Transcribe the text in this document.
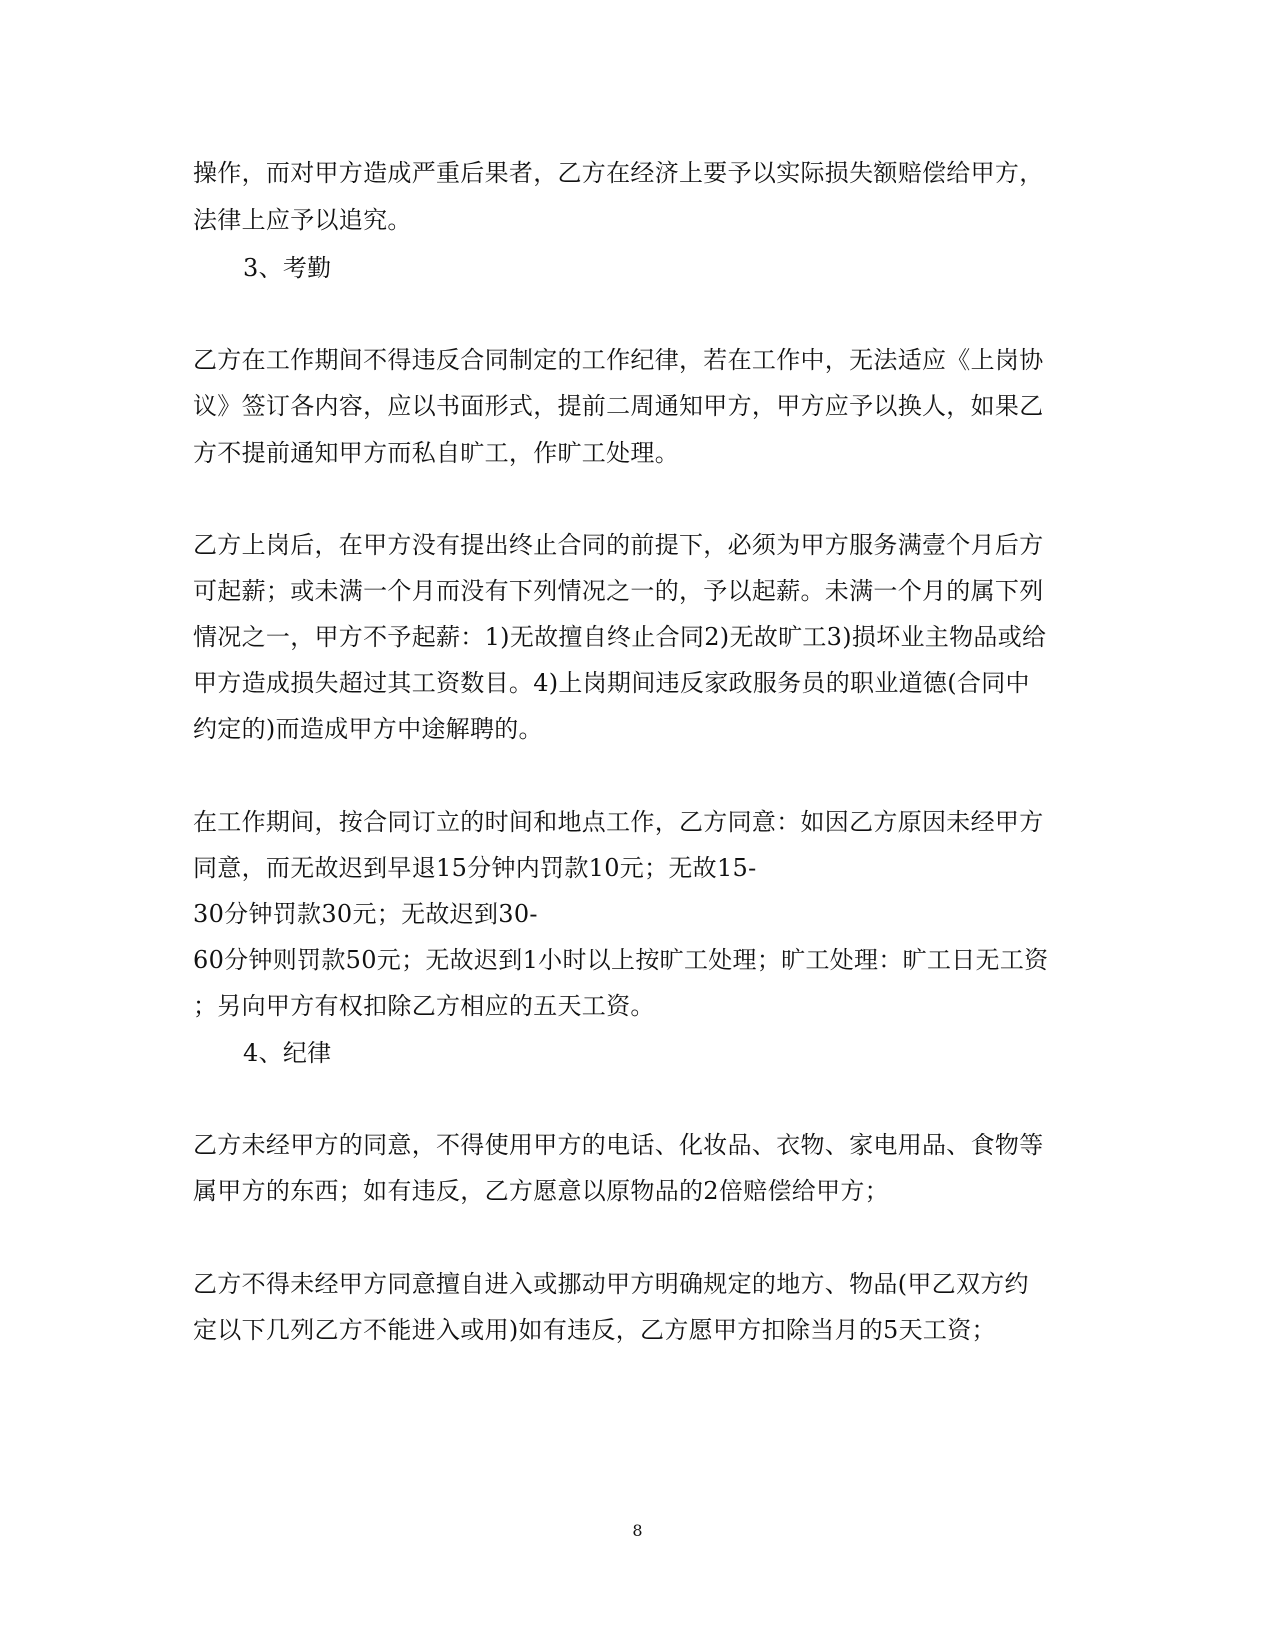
操作，而对甲方造成严重后果者，乙方在经济上要予以实际损失额赔偿给甲方，
法律上应予以追究。
3、考勤
乙方在工作期间不得违反合同制定的工作纪律，若在工作中，无法适应《上岗协
议》签订各内容，应以书面形式，提前二周通知甲方，甲方应予以换人，如果乙
方不提前通知甲方而私自旷工，作旷工处理。
乙方上岗后，在甲方没有提出终止合同的前提下，必须为甲方服务满壹个月后方
可起薪；或未满一个月而没有下列情况之一的，予以起薪。未满一个月的属下列
情况之一，甲方不予起薪：1)无故擅自终止合同2)无故旷工3)损坏业主物品或给
甲方造成损失超过其工资数目。4)上岗期间违反家政服务员的职业道德(合同中
约定的)而造成甲方中途解聘的。
在工作期间，按合同订立的时间和地点工作，乙方同意：如因乙方原因未经甲方
同意，而无故迟到早退15分钟内罚款10元；无故15-
30分钟罚款30元；无故迟到30-
60分钟则罚款50元；无故迟到1小时以上按旷工处理；旷工处理：旷工日无工资
；另向甲方有权扣除乙方相应的五天工资。
4、纪律
乙方未经甲方的同意，不得使用甲方的电话、化妆品、衣物、家电用品、食物等
属甲方的东西；如有违反，乙方愿意以原物品的2倍赔偿给甲方；
乙方不得未经甲方同意擅自进入或挪动甲方明确规定的地方、物品(甲乙双方约
定以下几列乙方不能进入或用)如有违反，乙方愿甲方扣除当月的5天工资；
8
